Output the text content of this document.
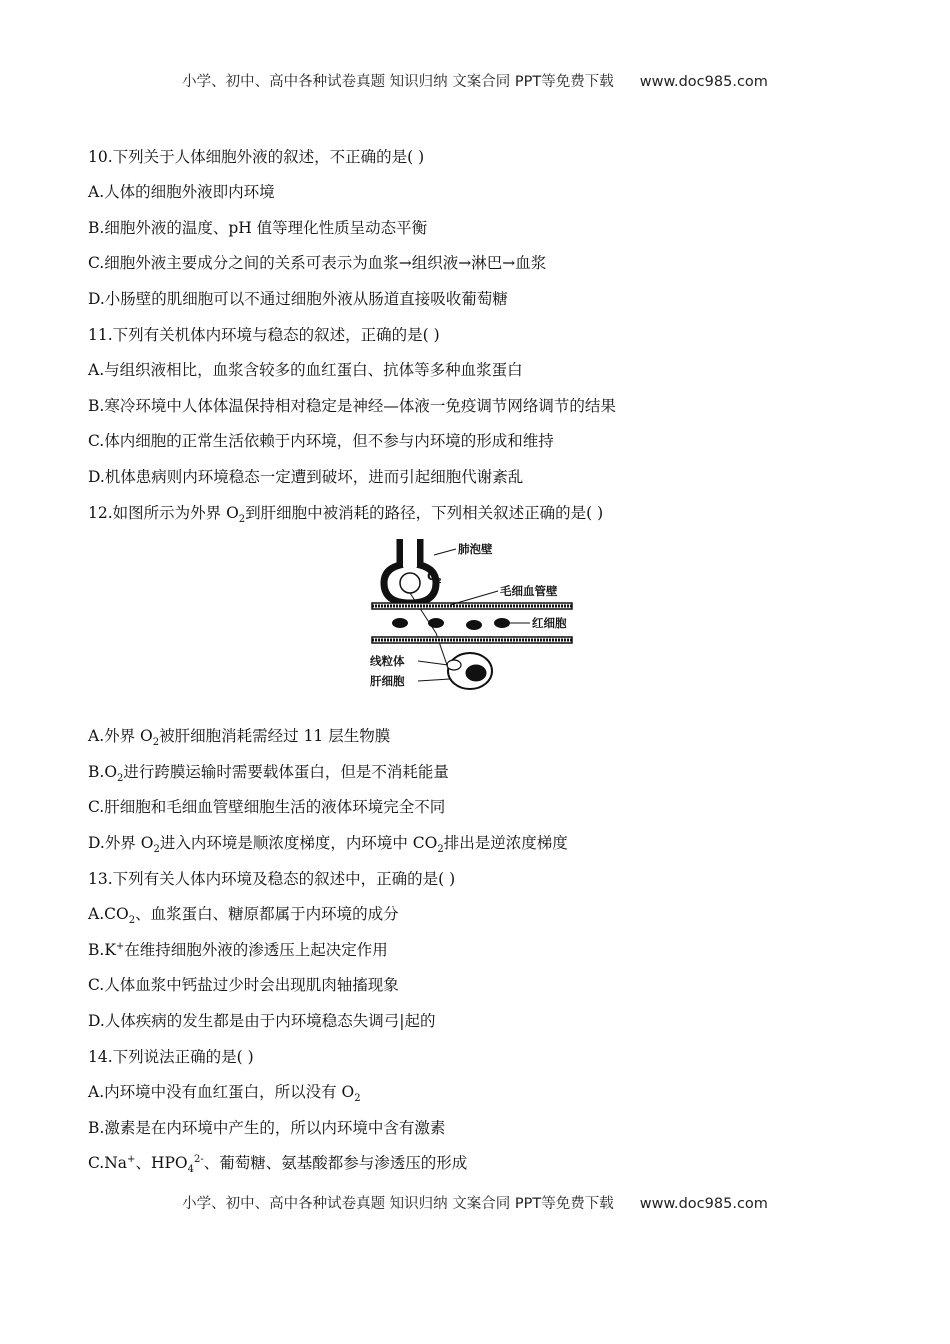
小学、初中、高中各种试卷真题 知识归纳 文案合同 PPT等免费下载 www.doc985.com
10.下列关于人体细胞外液的叙述，不正确的是( )
A.人体的细胞外液即内环境
B.细胞外液的温度、pH 值等理化性质呈动态平衡
C.细胞外液主要成分之间的关系可表示为血浆→组织液→淋巴→血浆
D.小肠壁的肌细胞可以不通过细胞外液从肠道直接吸收葡萄糖
11.下列有关机体内环境与稳态的叙述，正确的是( )
A.与组织液相比，血浆含较多的血红蛋白、抗体等多种血浆蛋白
B.寒冷环境中人体体温保持相对稳定是神经—体液一免疫调节网络调节的结果
C.体内细胞的正常生活依赖于内环境，但不参与内环境的形成和维持
D.机体患病则内环境稳态一定遭到破坏，进而引起细胞代谢紊乱
12.如图所示为外界 $O_2$到肝细胞中被消耗的路径，下列相关叙述正确的是( )
$O_2$
肺泡壁
毛细血管壁
红细胞
线粒体
肝细胞
A.外界 $O_2$被肝细胞消耗需经过 11 层生物膜
$B.O_2$进行跨膜运输时需要载体蛋白，但是不消耗能量
C.肝细胞和毛细血管壁细胞生活的液体环境完全不同
D.外界 $O_2$进入内环境是顺浓度梯度，内环境中 $CO_2$排出是逆浓度梯度
13.下列有关人体内环境及稳态的叙述中，正确的是( )
$A.CO_2$、血浆蛋白、糖原都属于内环境的成分
B.K+在维持细胞外液的渗透压上起决定作用
C.人体血浆中钙盐过少时会出现肌肉轴搐现象
D.人体疾病的发生都是由于内环境稳态失调弓|起的
14.下列说法正确的是( )
A.内环境中没有血红蛋白，所以没有 $O_2$
B.激素是在内环境中产生的，所以内环境中含有激素
C.Na+、$HPO_4^{2-}$、葡萄糖、氨基酸都参与渗透压的形成
小学、初中、高中各种试卷真题 知识归纳 文案合同 PPT等免费下载 www.doc985.com
